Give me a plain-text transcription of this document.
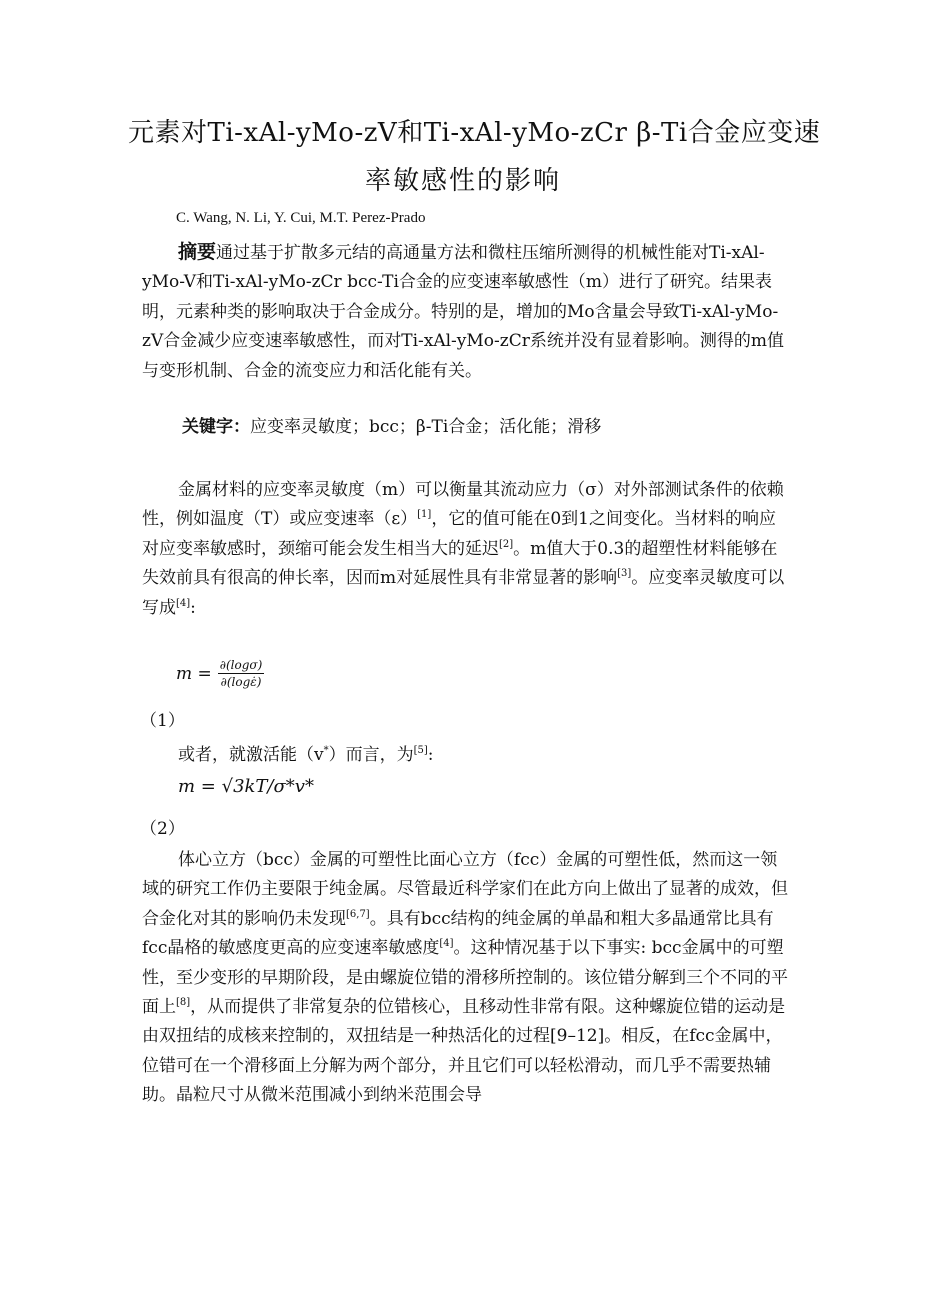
元素对Ti-xAl-yMo-zV和Ti-xAl-yMo-zCr β-Ti合金应变速
率敏感性的影响
C. Wang, N. Li, Y. Cui, M.T. Perez-Prado
摘要通过基于扩散多元结的高通量方法和微柱压缩所测得的机械性能对Ti-xAl-yMo-V和Ti-xAl-yMo-zCr bcc-Ti合金的应变速率敏感性（m）进行了研究。结果表明，元素种类的影响取决于合金成分。特别的是，增加的Mo含量会导致Ti-xAl-yMo-zV合金减少应变速率敏感性，而对Ti-xAl-yMo-zCr系统并没有显着影响。测得的m值与变形机制、合金的流变应力和活化能有关。
关键字：应变率灵敏度；bcc；β-Ti合金；活化能；滑移
金属材料的应变率灵敏度（m）可以衡量其流动应力（σ）对外部测试条件的依赖性，例如温度（T）或应变速率（ε）[1]，它的值可能在0到1之间变化。当材料的响应对应变率敏感时，颈缩可能会发生相当大的延迟[2]。m值大于0.3的超塑性材料能够在失效前具有很高的伸长率，因而m对延展性具有非常显著的影响[3]。应变率灵敏度可以写成[4]:
$m = \frac{\partial(\log\sigma)}{\partial(\log\varepsiloṅ)}$
（1）
或者，就激活能（v*）而言，为[5]:
m = √3kT/σ*v*
（2）
体心立方（bcc）金属的可塑性比面心立方（fcc）金属的可塑性低，然而这一领域的研究工作仍主要限于纯金属。尽管最近科学家们在此方向上做出了显著的成效，但合金化对其的影响仍未发现[6,7]。具有bcc结构的纯金属的单晶和粗大多晶通常比具有fcc晶格的敏感度更高的应变速率敏感度[4]。这种情况基于以下事实: bcc金属中的可塑性，至少变形的早期阶段，是由螺旋位错的滑移所控制的。该位错分解到三个不同的平面上[8]，从而提供了非常复杂的位错核心，且移动性非常有限。这种螺旋位错的运动是由双扭结的成核来控制的，双扭结是一种热活化的过程[9–12]。相反，在fcc金属中，位错可在一个滑移面上分解为两个部分，并且它们可以轻松滑动，而几乎不需要热辅助。晶粒尺寸从微米范围减小到纳米范围会导
